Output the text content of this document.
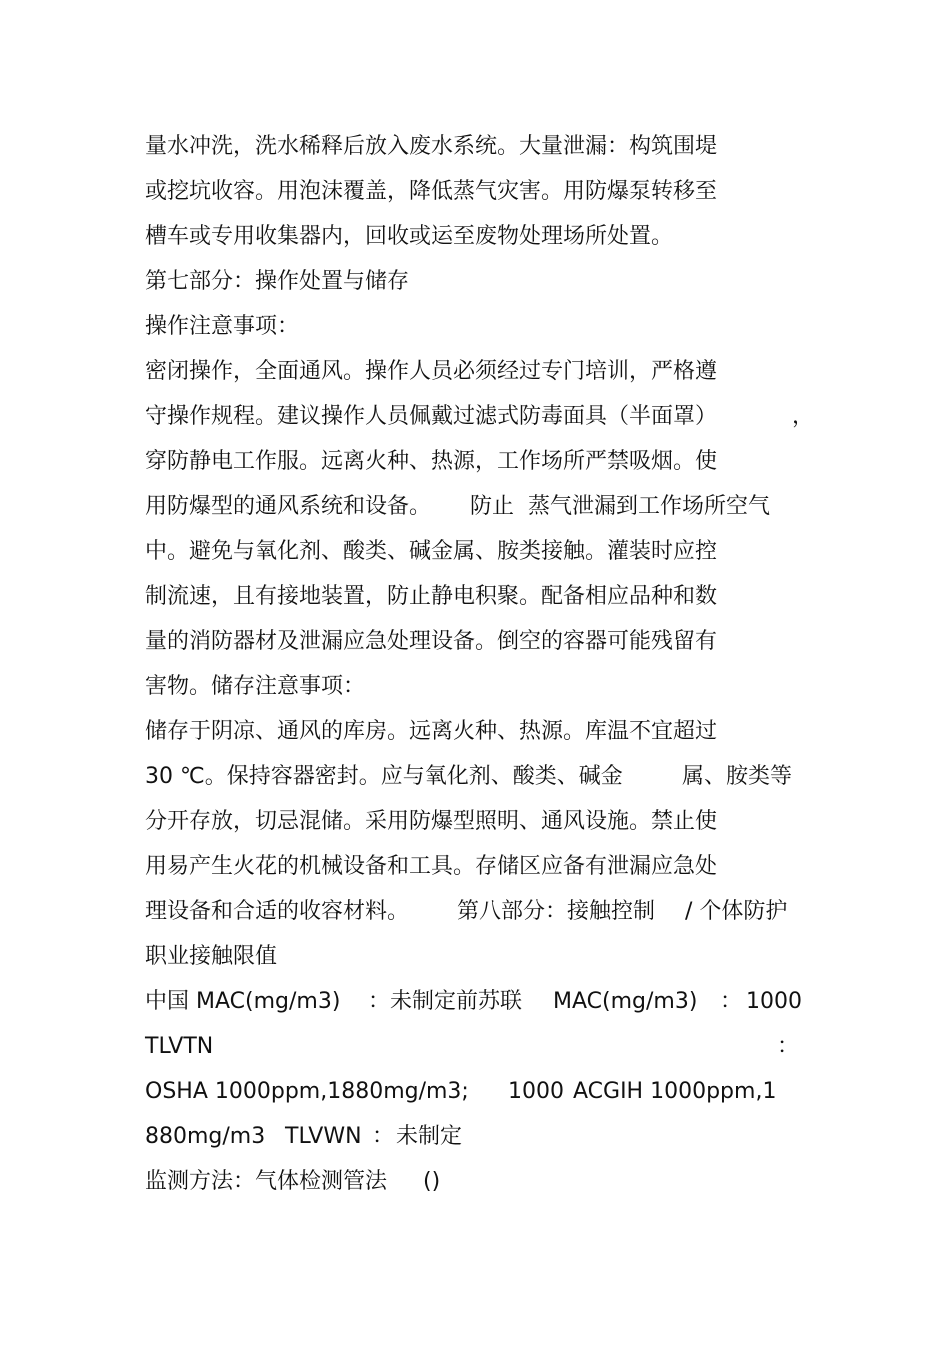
量水冲洗，洗水稀释后放入废水系统。大量泄漏：构筑围堤
或挖坑收容。用泡沫覆盖，降低蒸气灾害。用防爆泵转移至
槽车或专用收集器内，回收或运至废物处理场所处置。
第七部分：操作处置与储存
操作注意事项：
密闭操作，全面通风。操作人员必须经过专门培训，严格遵
守操作规程。建议操作人员佩戴过滤式防毒面具（半面罩）	，
穿防静电工作服。远离火种、热源，工作场所严禁吸烟。使
用防爆型的通风系统和设备。 防止 蒸气泄漏到工作场所空气
中。避免与氧化剂、酸类、碱金属、胺类接触。灌装时应控
制流速，且有接地装置，防止静电积聚。配备相应品种和数
量的消防器材及泄漏应急处理设备。倒空的容器可能残留有
害物。储存注意事项：
储存于阴凉、通风的库房。远离火种、热源。库温不宜超过
30 ℃。保持容器密封。应与氧化剂、酸类、碱金	属、胺类等
分开存放，切忌混储。采用防爆型照明、通风设施。禁止使
用易产生火花的机械设备和工具。存储区应备有泄漏应急处
理设备和合适的收容材料。 第八部分：接触控制 / 个体防护
职业接触限值
中国 MAC(mg/m3) ： 未制定前苏联 MAC(mg/m3) ： 1000
TLVTN	：
OSHA 1000ppm,1880mg/m3; 1000 ACGIH 1000ppm,1
880mg/m3 TLVWN ： 未制定
监测方法：气体检测管法 ()
